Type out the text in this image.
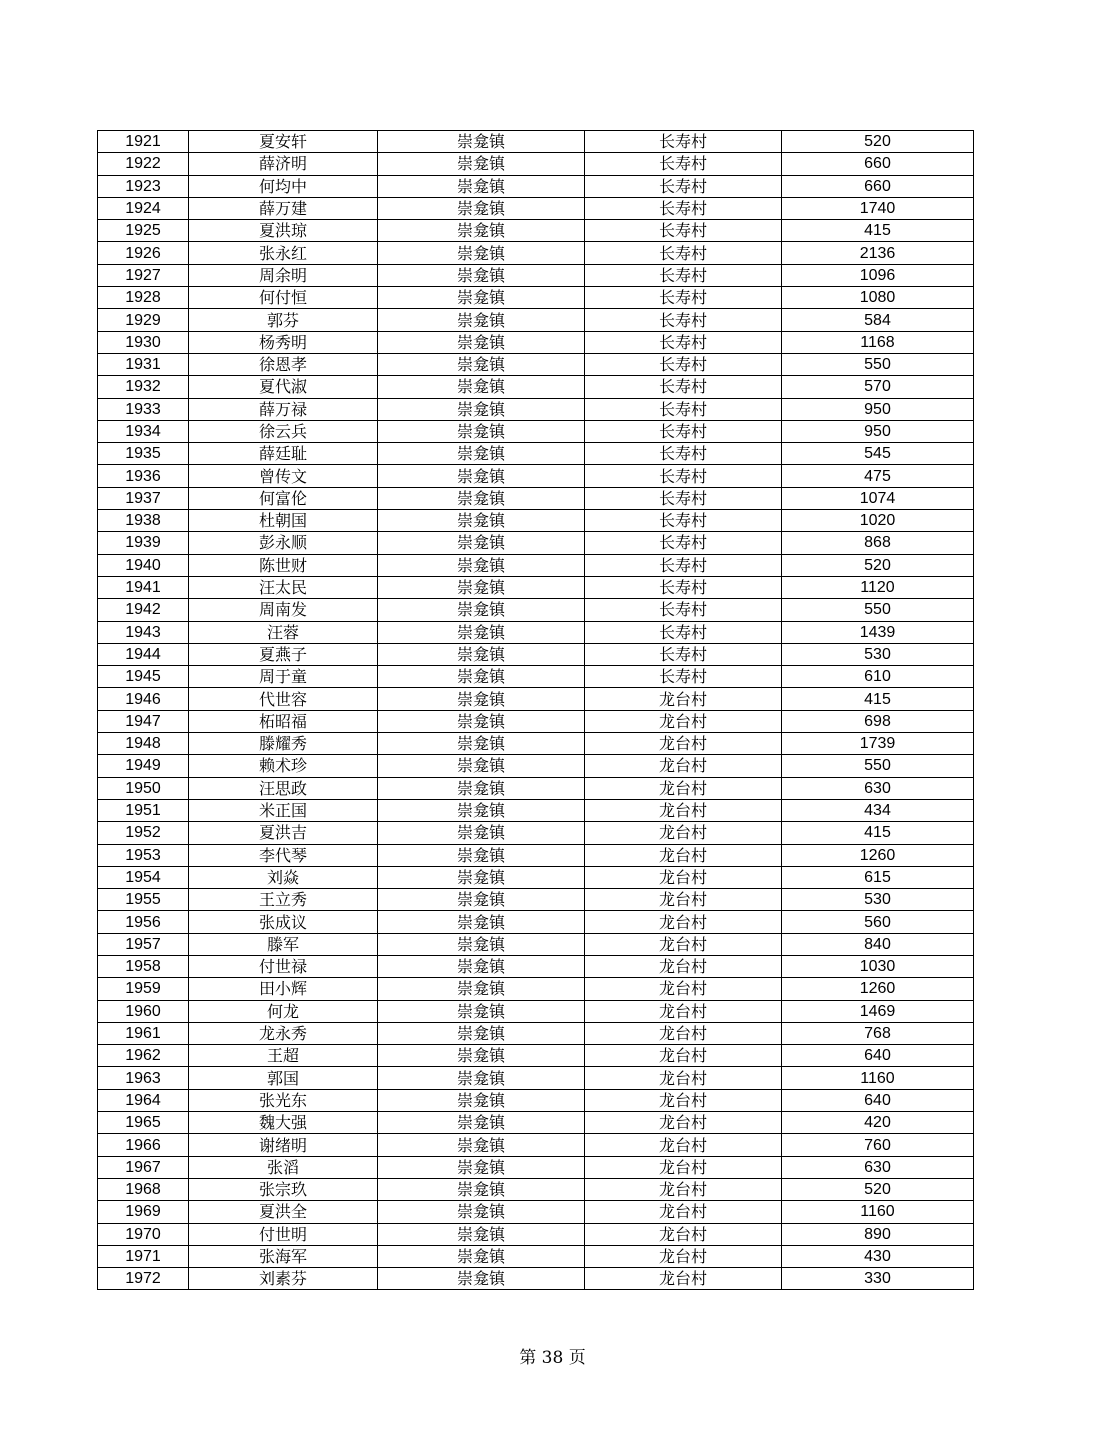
1921	夏安轩	崇龛镇	长寿村	520
1922	薛济明	崇龛镇	长寿村	660
1923	何均中	崇龛镇	长寿村	660
1924	薛万建	崇龛镇	长寿村	1740
1925	夏洪琼	崇龛镇	长寿村	415
1926	张永红	崇龛镇	长寿村	2136
1927	周余明	崇龛镇	长寿村	1096
1928	何付恒	崇龛镇	长寿村	1080
1929	郭芬	崇龛镇	长寿村	584
1930	杨秀明	崇龛镇	长寿村	1168
1931	徐恩孝	崇龛镇	长寿村	550
1932	夏代淑	崇龛镇	长寿村	570
1933	薛万禄	崇龛镇	长寿村	950
1934	徐云兵	崇龛镇	长寿村	950
1935	薛廷耻	崇龛镇	长寿村	545
1936	曾传文	崇龛镇	长寿村	475
1937	何富伦	崇龛镇	长寿村	1074
1938	杜朝国	崇龛镇	长寿村	1020
1939	彭永顺	崇龛镇	长寿村	868
1940	陈世财	崇龛镇	长寿村	520
1941	汪太民	崇龛镇	长寿村	1120
1942	周南发	崇龛镇	长寿村	550
1943	汪蓉	崇龛镇	长寿村	1439
1944	夏燕子	崇龛镇	长寿村	530
1945	周于童	崇龛镇	长寿村	610
1946	代世容	崇龛镇	龙台村	415
1947	柘昭福	崇龛镇	龙台村	698
1948	滕耀秀	崇龛镇	龙台村	1739
1949	赖术珍	崇龛镇	龙台村	550
1950	汪思政	崇龛镇	龙台村	630
1951	米正国	崇龛镇	龙台村	434
1952	夏洪吉	崇龛镇	龙台村	415
1953	李代琴	崇龛镇	龙台村	1260
1954	刘焱	崇龛镇	龙台村	615
1955	王立秀	崇龛镇	龙台村	530
1956	张成议	崇龛镇	龙台村	560
1957	滕军	崇龛镇	龙台村	840
1958	付世禄	崇龛镇	龙台村	1030
1959	田小辉	崇龛镇	龙台村	1260
1960	何龙	崇龛镇	龙台村	1469
1961	龙永秀	崇龛镇	龙台村	768
1962	王超	崇龛镇	龙台村	640
1963	郭国	崇龛镇	龙台村	1160
1964	张光东	崇龛镇	龙台村	640
1965	魏大强	崇龛镇	龙台村	420
1966	谢绪明	崇龛镇	龙台村	760
1967	张滔	崇龛镇	龙台村	630
1968	张宗玖	崇龛镇	龙台村	520
1969	夏洪全	崇龛镇	龙台村	1160
1970	付世明	崇龛镇	龙台村	890
1971	张海军	崇龛镇	龙台村	430
1972	刘素芬	崇龛镇	龙台村	330
第 38 页
